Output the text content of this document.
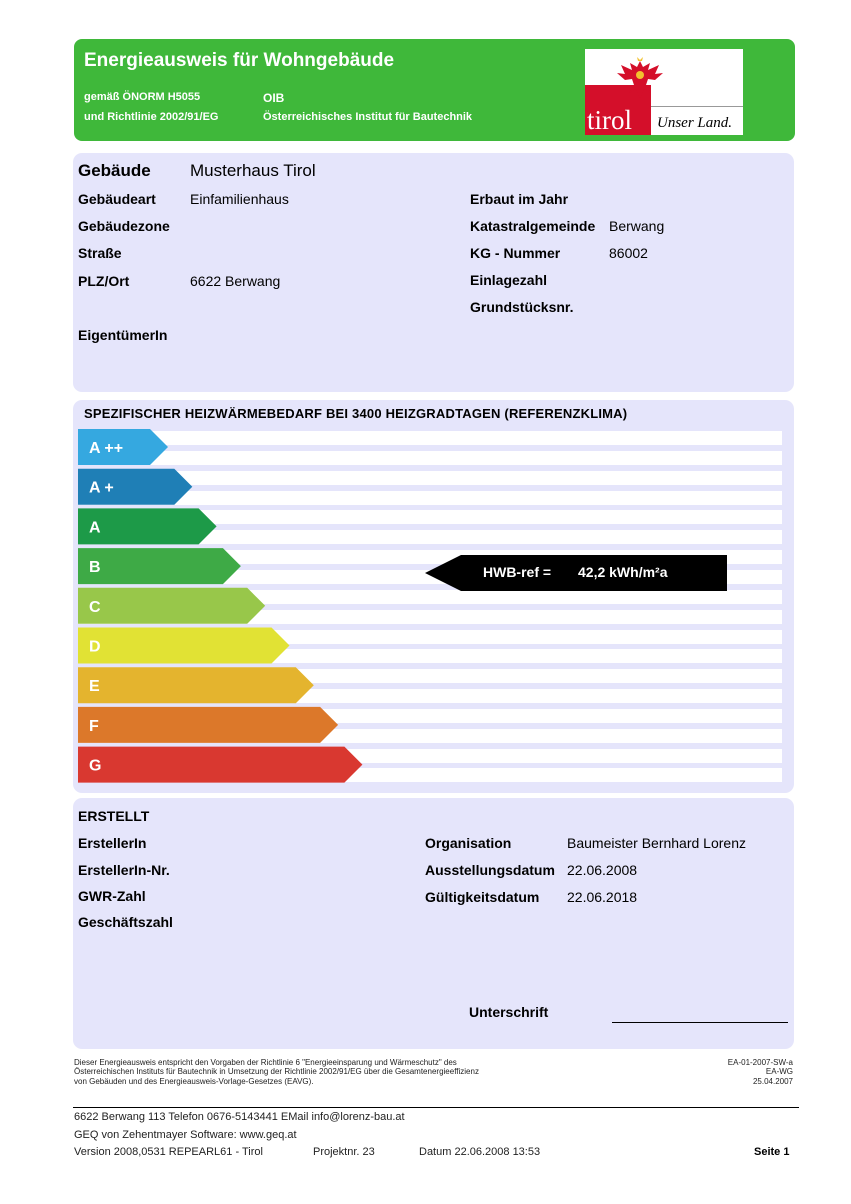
Energieausweis für Wohngebäude
gemäß ÖNORM H5055
und Richtlinie 2002/91/EG
OIB
Österreichisches Institut für Bautechnik	tirol Unser Land.
Gebäude Musterhaus Tirol
Gebäudeart Einfamilienhaus
Gebäudezone
Straße
PLZ/Ort	6622 Berwang
Erbaut im Jahr
Katastralgemeinde Berwang
KG - Nummer	86002
Einlagezahl
Grundstücksnr.
EigentümerIn
SPEZIFISCHER HEIZWÄRMEBEDARF BEI 3400 HEIZGRADTAGEN (REFERENZKLIMA)
A ++
A +
A
B
C
D
E
F
G
HWB-ref = 42,2 kWh/m²a
ERSTELLT
ErstellerIn
ErstellerIn-Nr.
GWR-Zahl
Geschäftszahl
Organisation	Baumeister Bernhard Lorenz
Ausstellungsdatum 22.06.2008
Gültigkeitsdatum 22.06.2018
Unterschrift
Dieser Energieausweis entspricht den Vorgaben der Richtlinie 6 "Energieeinsparung und Wärmeschutz" des
Österreichischen Instituts für Bautechnik in Umsetzung der Richtlinie 2002/91/EG über die Gesamtenergieeffizienz
von Gebäuden und des Energieausweis-Vorlage-Gesetzes (EAVG).
EA-01-2007-SW-a
EA-WG
25.04.2007
6622 Berwang 113 Telefon 0676-5143441 EMail info@lorenz-bau.at
GEQ von Zehentmayer Software: www.geq.at
Version 2008,0531 REPEARL61 - Tirol	Projektnr. 23	Datum 22.06.2008 13:53	Seite 1
